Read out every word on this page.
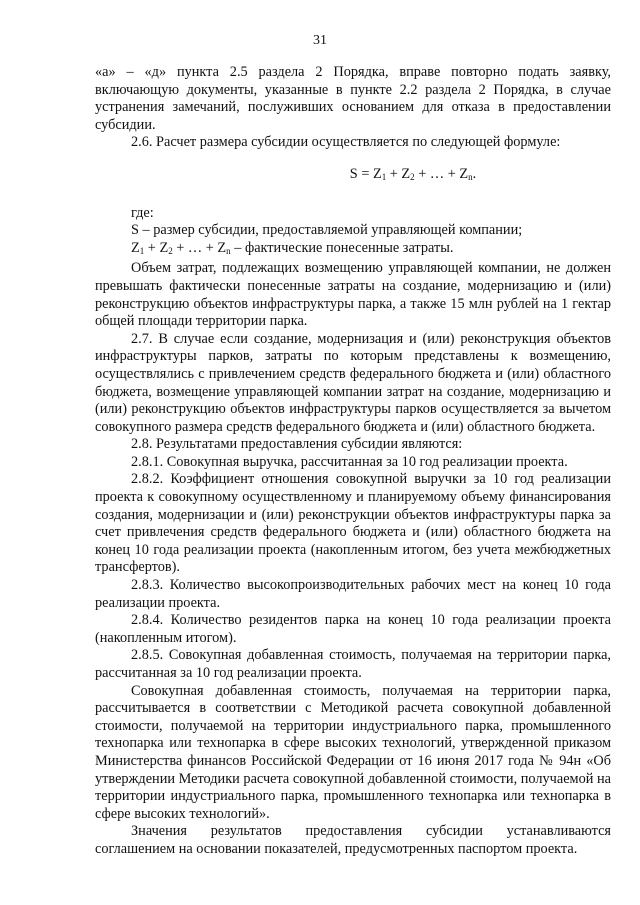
31

«а» – «д» пункта 2.5 раздела 2 Порядка, вправе повторно подать заявку, включающую документы, указанные в пункте 2.2 раздела 2 Порядка, в случае устранения замечаний, послуживших основанием для отказа в предоставлении субсидии.

2.6. Расчет размера субсидии осуществляется по следующей формуле:

$S = Z_1 + Z_2$ + … + $Z_n$.

где:

S – размер субсидии, предоставляемой управляющей компании;

$Z_1 + Z_2$ + … + $Z_n$ – фактические понесенные затраты.

Объем затрат, подлежащих возмещению управляющей компании, не должен превышать фактически понесенные затраты на создание, модернизацию и (или) реконструкцию объектов инфраструктуры парка, а также 15 млн рублей на 1 гектар общей площади территории парка.

2.7. В случае если создание, модернизация и (или) реконструкция объектов инфраструктуры парков, затраты по которым представлены к возмещению, осуществлялись с привлечением средств федерального бюджета и (или) областного бюджета, возмещение управляющей компании затрат на создание, модернизацию и (или) реконструкцию объектов инфраструктуры парков осуществляется за вычетом совокупного размера средств федерального бюджета и (или) областного бюджета.

2.8. Результатами предоставления субсидии являются:

2.8.1. Совокупная выручка, рассчитанная за 10 год реализации проекта.

2.8.2. Коэффициент отношения совокупной выручки за 10 год реализации проекта к совокупному осуществленному и планируемому объему финансирования создания, модернизации и (или) реконструкции объектов инфраструктуры парка за счет привлечения средств федерального бюджета и (или) областного бюджета на конец 10 года реализации проекта (накопленным итогом, без учета межбюджетных трансфертов).

2.8.3. Количество высокопроизводительных рабочих мест на конец 10 года реализации проекта.

2.8.4. Количество резидентов парка на конец 10 года реализации проекта (накопленным итогом).

2.8.5. Совокупная добавленная стоимость, получаемая на территории парка, рассчитанная за 10 год реализации проекта.

Совокупная добавленная стоимость, получаемая на территории парка, рассчитывается в соответствии с Методикой расчета совокупной добавленной стоимости, получаемой на территории индустриального парка, промышленного технопарка или технопарка в сфере высоких технологий, утвержденной приказом Министерства финансов Российской Федерации от 16 июня 2017 года № 94н «Об утверждении Методики расчета совокупной добавленной стоимости, получаемой на территории индустриального парка, промышленного технопарка или технопарка в сфере высоких технологий».

Значения результатов предоставления субсидии устанавливаются соглашением на основании показателей, предусмотренных паспортом проекта.
